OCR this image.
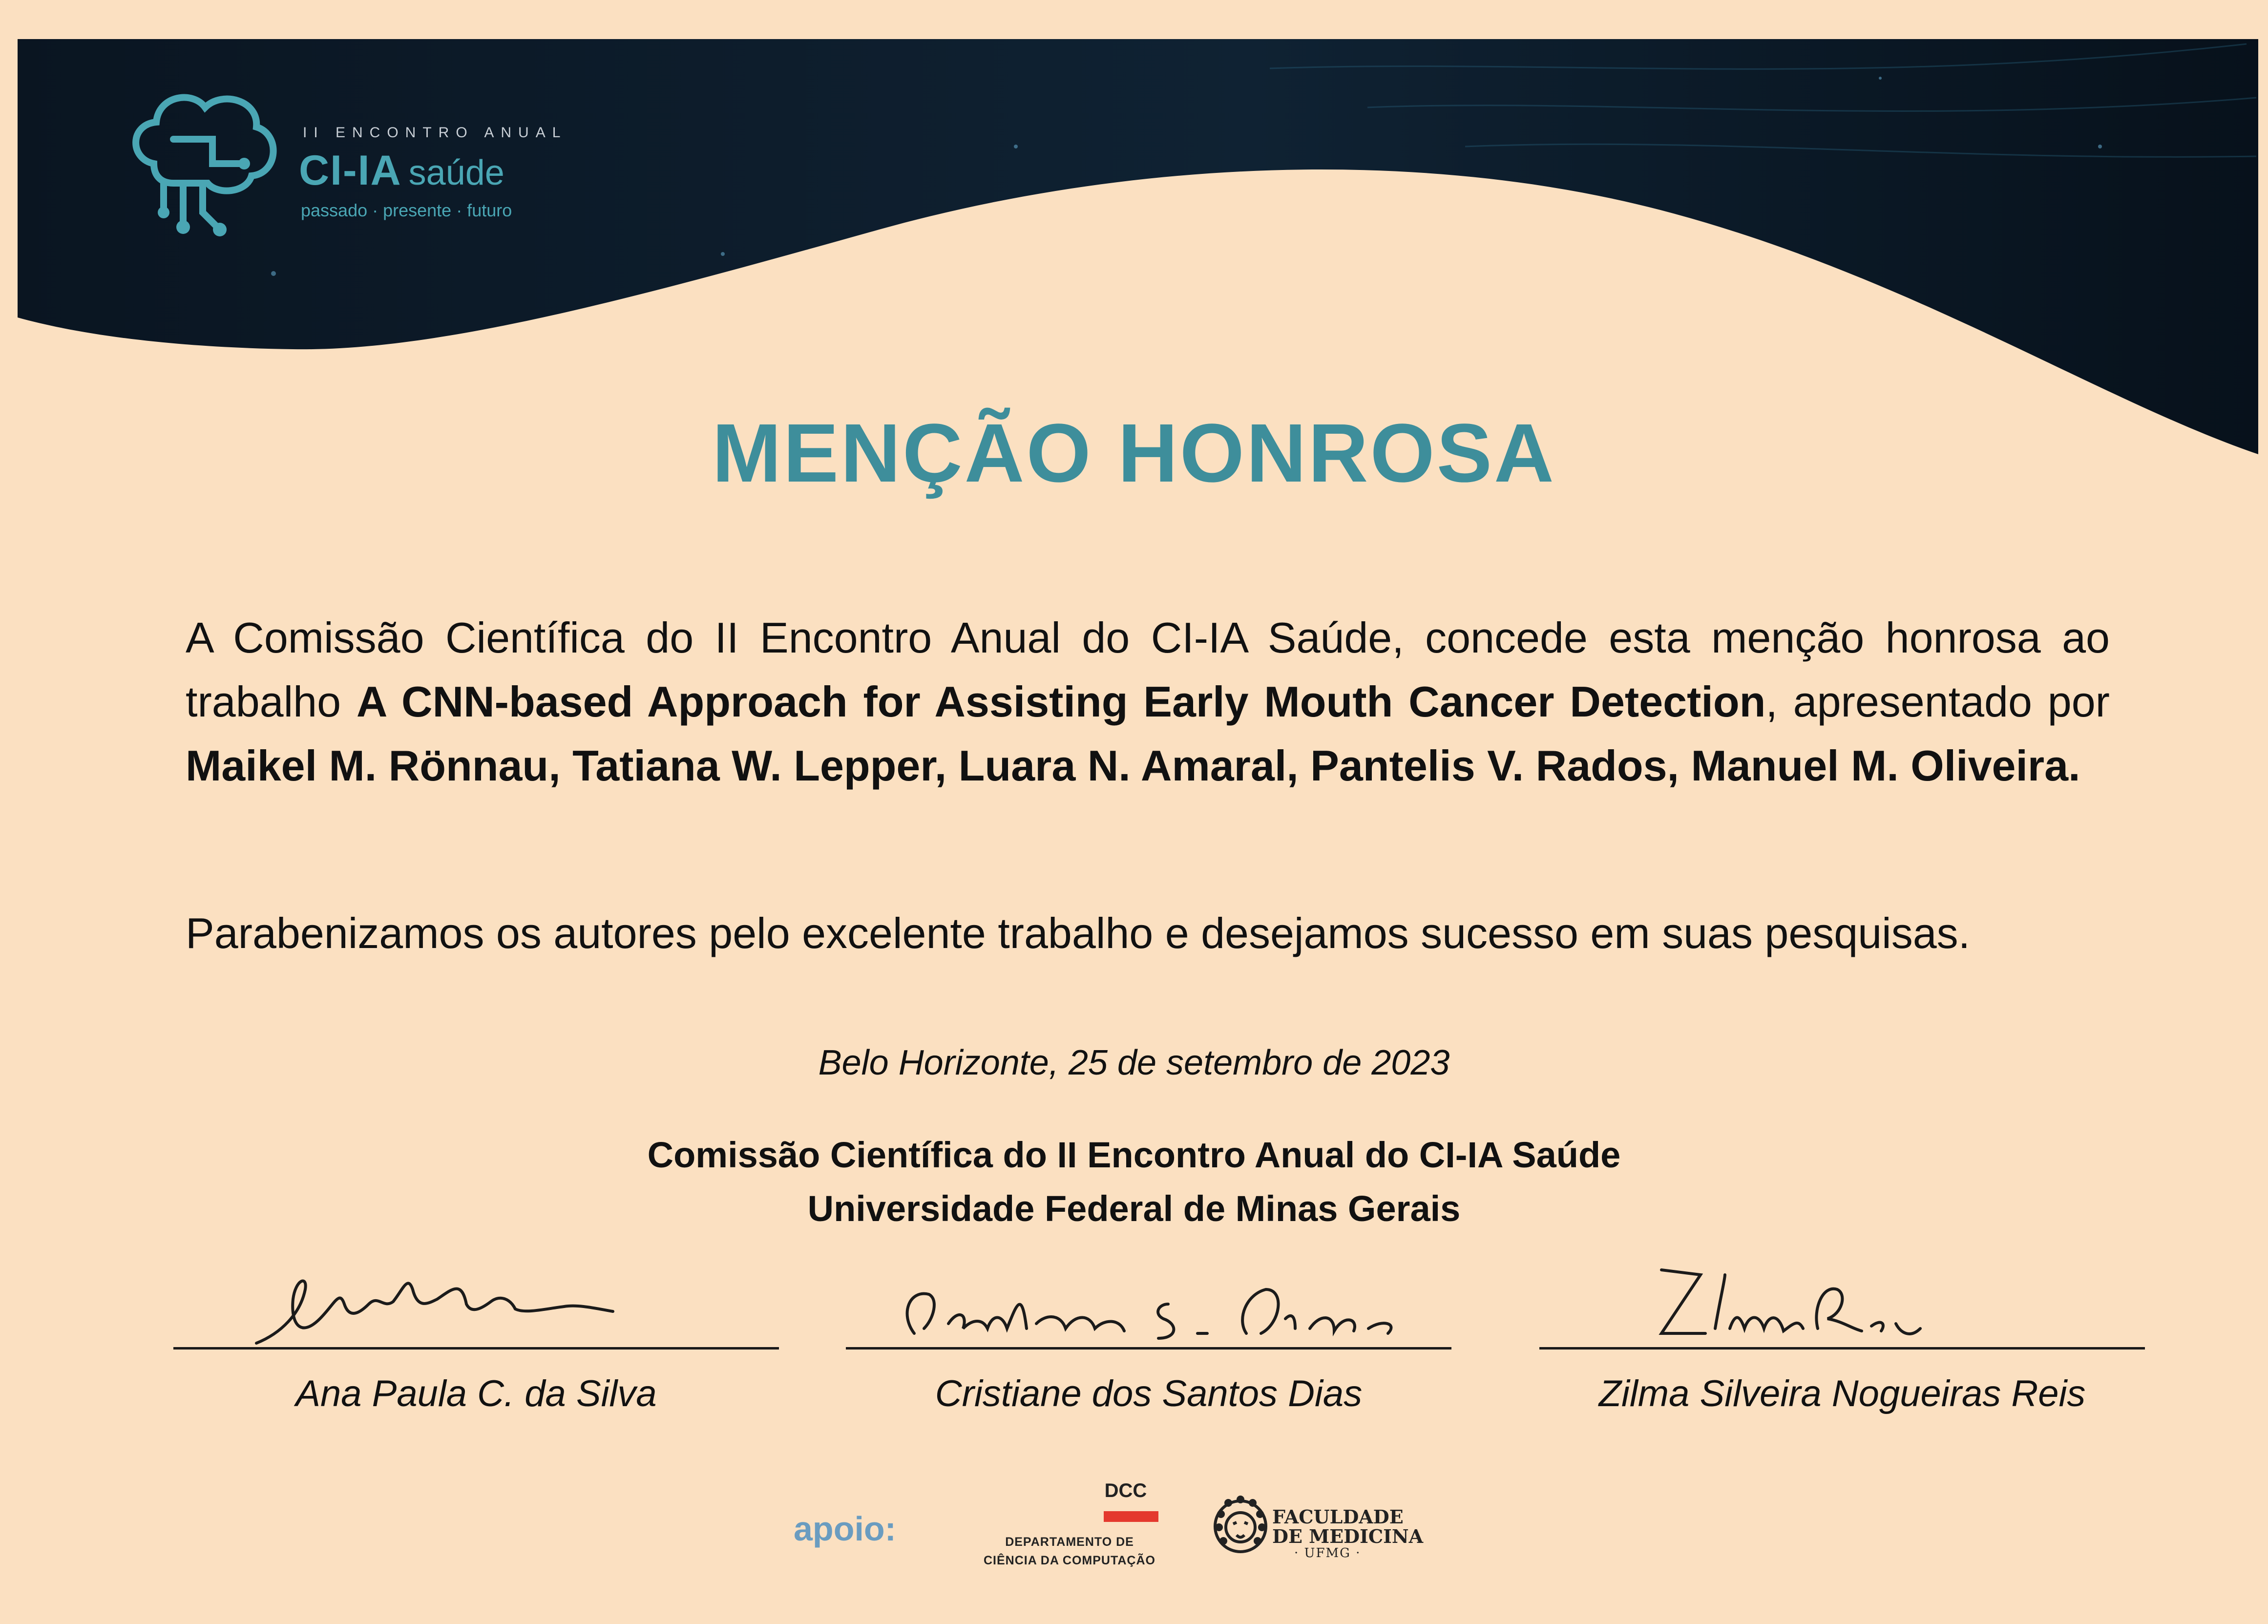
II ENCONTRO ANUAL
CI-IA saúde
passado · presente · futuro
MENÇÃO HONROSA
A Comissão Científica do II Encontro Anual do CI-IA Saúde, concede esta menção honrosa ao trabalho A CNN-based Approach for Assisting Early Mouth Cancer Detection, apresentado por Maikel M. Rönnau, Tatiana W. Lepper, Luara N. Amaral, Pantelis V. Rados, Manuel M. Oliveira.
Parabenizamos os autores pelo excelente trabalho e desejamos sucesso em suas pesquisas.
Belo Horizonte, 25 de setembro de 2023
Comissão Científica do II Encontro Anual do CI-IA Saúde
Universidade Federal de Minas Gerais
Ana Paula C. da Silva	Cristiane dos Santos Dias	Zilma Silveira Nogueiras Reis
apoio:
DCC
DEPARTAMENTO DE
CIÊNCIA DA COMPUTAÇÃO
FACULDADE
DE MEDICINA
· UFMG ·
